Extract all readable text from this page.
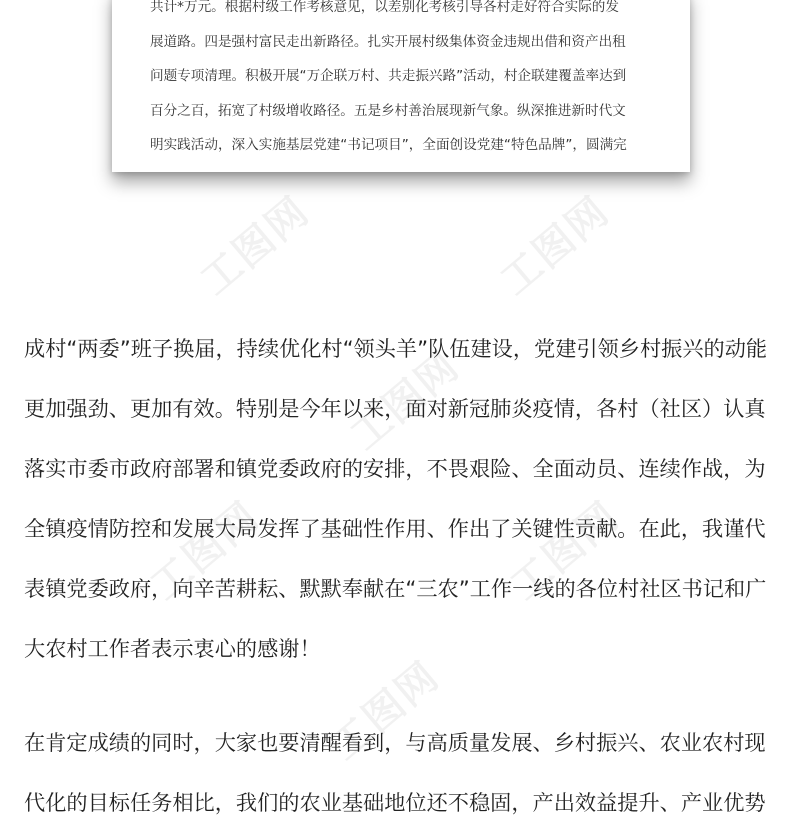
共计*万元。根据村级工作考核意见，以差别化考核引导各村走好符合实际的发
展道路。四是强村富民走出新路径。扎实开展村级集体资金违规出借和资产出租
问题专项清理。积极开展“万企联万村、共走振兴路”活动，村企联建覆盖率达到
百分之百，拓宽了村级增收路径。五是乡村善治展现新气象。纵深推进新时代文
明实践活动，深入实施基层党建“书记项目”，全面创设党建“特色品牌”，圆满完
工图网	工图网
工图网
工图网	工图网
工图网

成村“两委”班子换届，持续优化村“领头羊”队伍建设，党建引领乡村振兴的动能
更加强劲、更加有效。特别是今年以来，面对新冠肺炎疫情，各村（社区）认真
落实市委市政府部署和镇党委政府的安排，不畏艰险、全面动员、连续作战，为
全镇疫情防控和发展大局发挥了基础性作用、作出了关键性贡献。在此，我谨代
表镇党委政府，向辛苦耕耘、默默奉献在“三农”工作一线的各位村社区书记和广
大农村工作者表示衷心的感谢！

在肯定成绩的同时，大家也要清醒看到，与高质量发展、乡村振兴、农业农村现
代化的目标任务相比，我们的农业基础地位还不稳固，产出效益提升、产业优势
